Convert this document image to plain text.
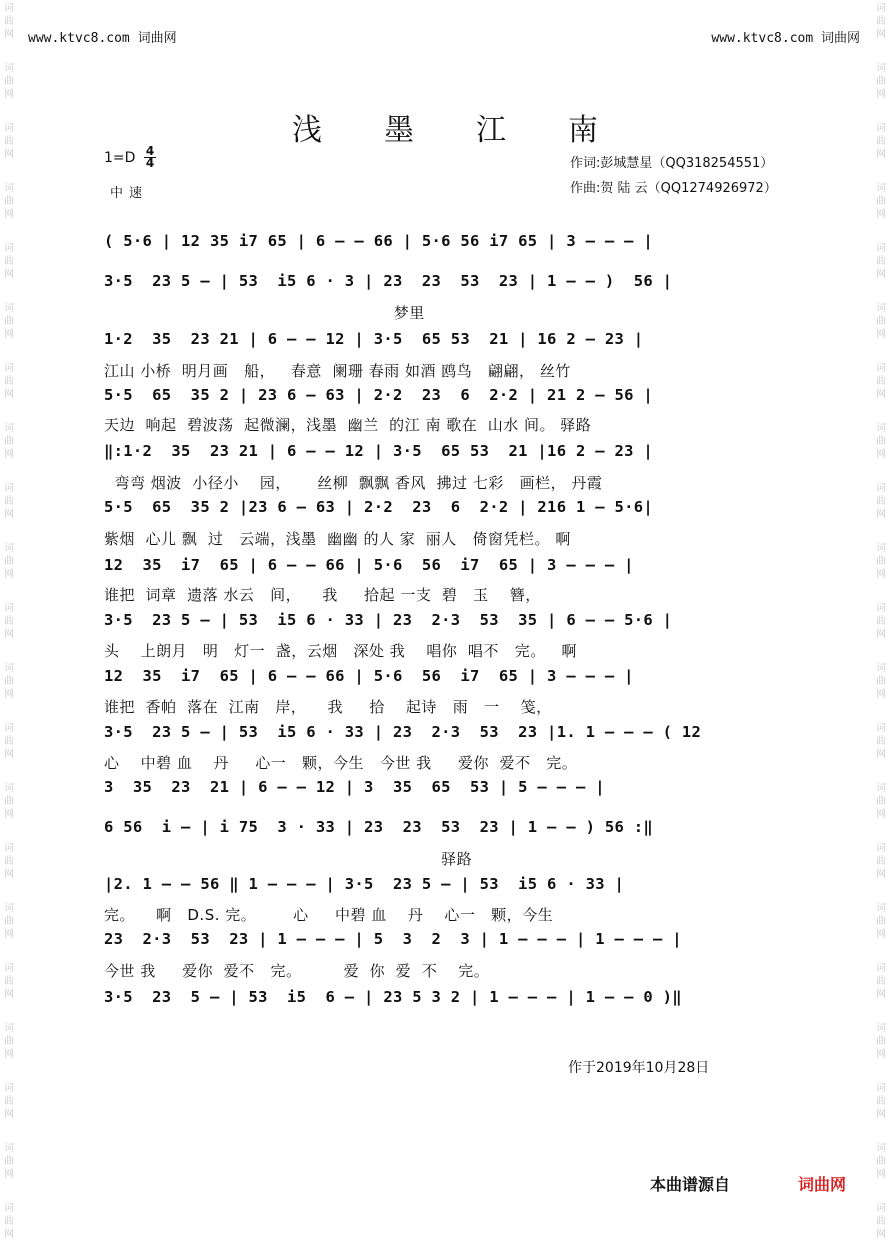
词
曲
网
词
曲
网
词
曲
网
词
曲
网
词
曲
网
词
曲
网
词
曲
网
词
曲
网
词
曲
网
词
曲
网
词
曲
网
词
曲
网
词
曲
网
词
曲
网
词
曲
网
词
曲
网
词
曲
网
词
曲
网
词
曲
网
词
曲
网
词
曲
网
词
曲
网
词
曲
网
词
曲
网
词
曲
网
词
曲
网
词
曲
网
词
曲
网
词
曲
网
词
曲
网
词
曲
网
词
曲
网
词
曲
网
词
曲
网
词
曲
网
词
曲
网
词
曲
网
词
曲
网
词
曲
网
词
曲
网
词
曲
网
词
曲
网
www.ktvc8.com 词曲网	www.ktvc8.com 词曲网
浅墨江南
1=D 4
4
中速
作词:彭城慧星（QQ318254551）
作曲:贺 陆 云（QQ1274926972）
( 5·6 | 12 35 i7 65 | 6 — — 66 | 5·6 56 i7 65 | 3 — — — |
3·5  23 5 — | 53  i5 6 · 3 | 23  23  53  23 | 1 — — )  56 |
梦里
1·2  35  23 21 | 6 — — 12 | 3·5  65 53  21 | 16 2 — 23 |
江山 小桥  明月画   船，   春意  阑珊 春雨 如酒 鸥鸟   翩翩， 丝竹
5·5  65  35 2 | 23 6 — 63 | 2·2  23  6  2·2 | 21 2 — 56 |
天边  响起  碧波荡  起微澜，浅墨  幽兰  的江 南 歌在  山水 间。 驿路
‖:1·2  35  23 21 | 6 — — 12 | 3·5  65 53  21 |16 2 — 23 |
弯弯 烟波  小径小    园，     丝柳  飘飘 香风  拂过 七彩   画栏， 丹霞
5·5  65  35 2 |23 6 — 63 | 2·2  23  6  2·2 | 216 1 — 5·6|
紫烟  心儿 飘  过   云端，浅墨  幽幽 的人 家  丽人   倚窗凭栏。 啊
12  35  i7  65 | 6 — — 66 | 5·6  56  i7  65 | 3 — — — |
谁把  词章  遗落 水云   间，    我     拾起 一支  碧   玉    簪，
3·5  23 5 — | 53  i5 6 · 33 | 23  2·3  53  35 | 6 — — 5·6 |
头    上朗月   明   灯一  盏，云烟   深处 我    唱你  唱不   完。   啊
12  35  i7  65 | 6 — — 66 | 5·6  56  i7  65 | 3 — — — |
谁把  香帕  落在  江南   岸，    我     拾    起诗   雨   一    笺，
3·5  23 5 — | 53  i5 6 · 33 | 23  2·3  53  23 |1. 1 — — — ( 12
心    中碧 血    丹     心一   颗，今生   今世 我     爱你  爱不   完。
3  35  23  21 | 6 — — 12 | 3  35  65  53 | 5 — — — |
6 56  i — | i 75  3 · 33 | 23  23  53  23 | 1 — — ) 56 :‖
驿路
|2. 1 — — 56 ‖ 1 — — — | 3·5  23 5 — | 53  i5 6 · 33 |
完。    啊   D.S. 完。       心     中碧 血    丹    心一   颗，今生
23  2·3  53  23 | 1 — — — | 5  3  2  3 | 1 — — — | 1 — — — |
今世 我     爱你  爱不   完。        爱  你  爱  不    完。
3·5  23  5 — | 53  i5  6 — | 23 5 3 2 | 1 — — — | 1 — — 0 )‖
作于2019年10月28日
本曲谱源自	词曲网
